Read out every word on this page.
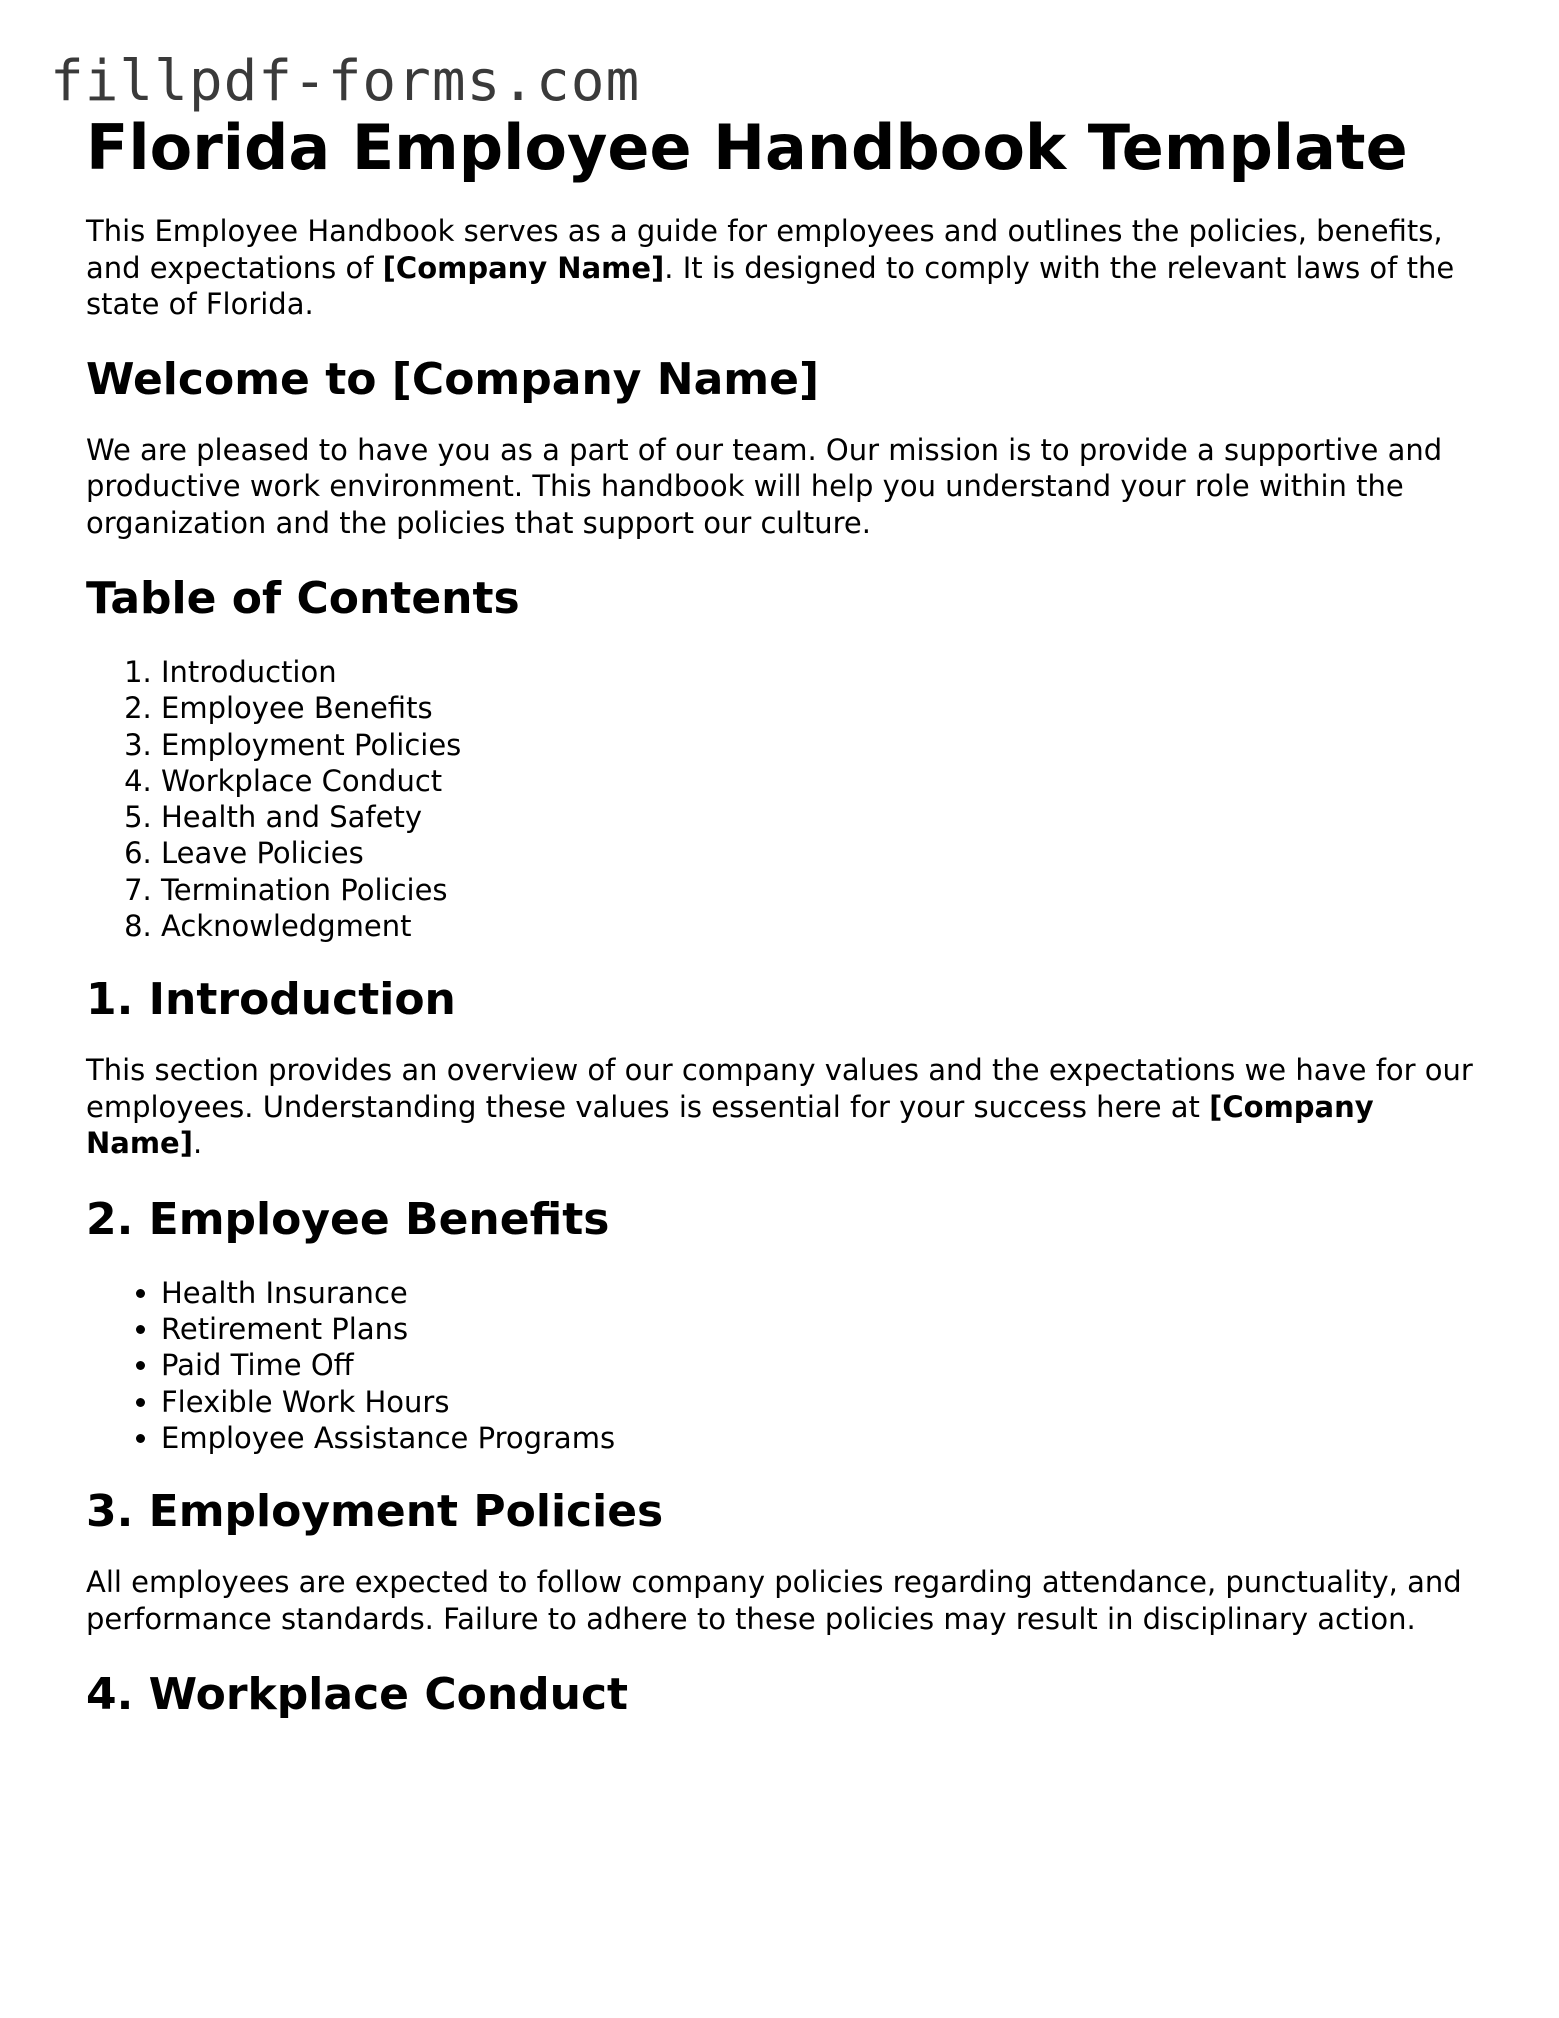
fillpdf-forms.com
Florida Employee Handbook Template

This Employee Handbook serves as a guide for employees and outlines the policies, benefits, and expectations of [Company Name]. It is designed to comply with the relevant laws of the state of Florida.

Welcome to [Company Name]

We are pleased to have you as a part of our team. Our mission is to provide a supportive and productive work environment. This handbook will help you understand your role within the organization and the policies that support our culture.

Table of Contents
1. Introduction
2. Employee Benefits
3. Employment Policies
4. Workplace Conduct
5. Health and Safety
6. Leave Policies
7. Termination Policies
8. Acknowledgment
1. Introduction

This section provides an overview of our company values and the expectations we have for our employees. Understanding these values is essential for your success here at [Company Name].

2. Employee Benefits
• Health Insurance
• Retirement Plans
• Paid Time Off
• Flexible Work Hours
• Employee Assistance Programs
3. Employment Policies

All employees are expected to follow company policies regarding attendance, punctuality, and performance standards. Failure to adhere to these policies may result in disciplinary action.

4. Workplace Conduct
